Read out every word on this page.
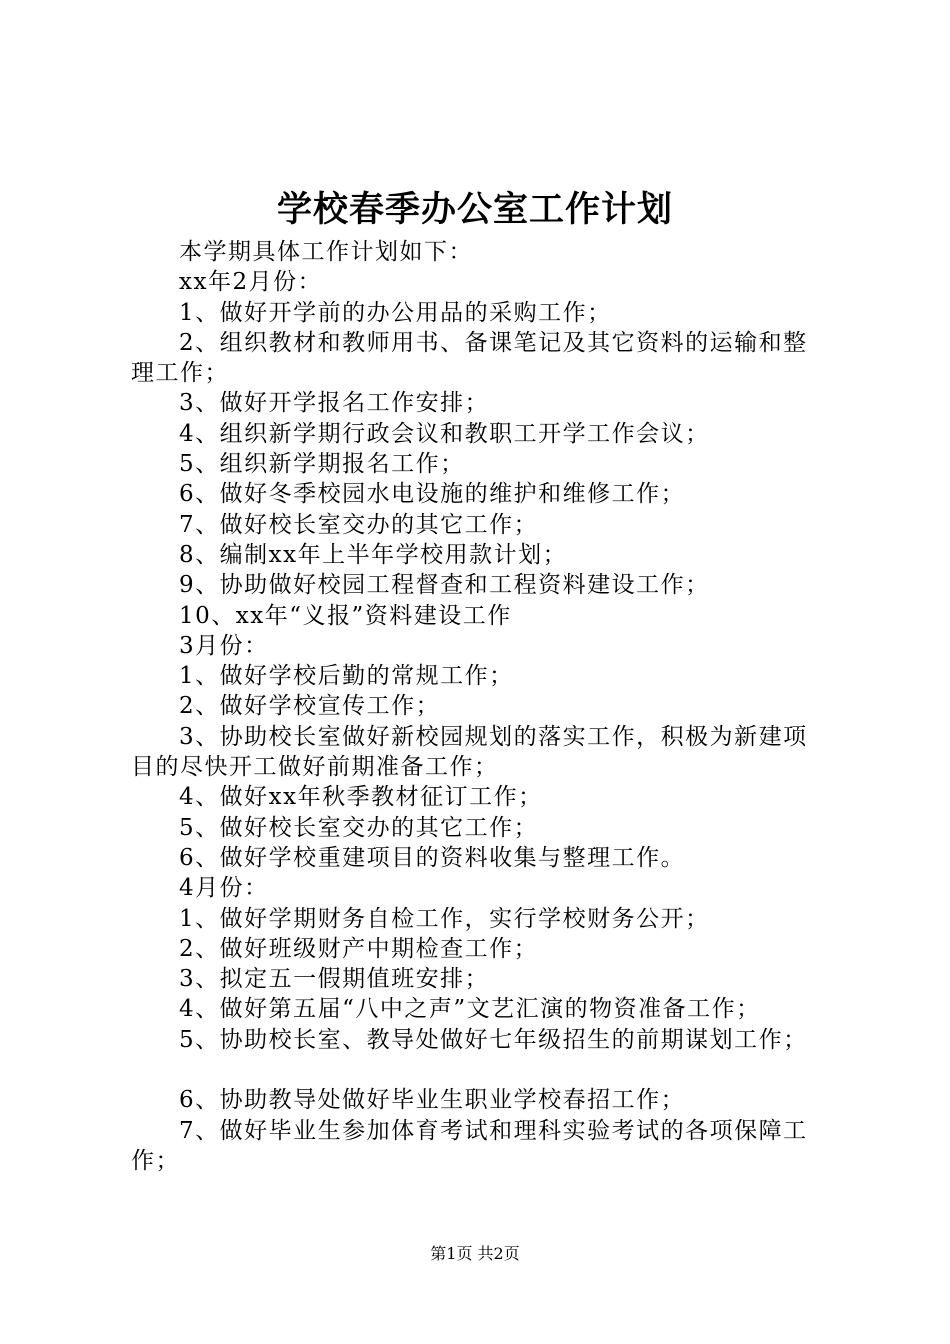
学校春季办公室工作计划
本学期具体工作计划如下：
xx年2月份：
1、做好开学前的办公用品的采购工作；
2、组织教材和教师用书、备课笔记及其它资料的运输和整
理工作；
3、做好开学报名工作安排；
4、组织新学期行政会议和教职工开学工作会议；
5、组织新学期报名工作；
6、做好冬季校园水电设施的维护和维修工作；
7、做好校长室交办的其它工作；
8、编制xx年上半年学校用款计划；
9、协助做好校园工程督查和工程资料建设工作；
10、xx年“义报”资料建设工作
3月份：
1、做好学校后勤的常规工作；
2、做好学校宣传工作；
3、协助校长室做好新校园规划的落实工作，积极为新建项
目的尽快开工做好前期准备工作；
4、做好xx年秋季教材征订工作；
5、做好校长室交办的其它工作；
6、做好学校重建项目的资料收集与整理工作。
4月份：
1、做好学期财务自检工作，实行学校财务公开；
2、做好班级财产中期检查工作；
3、拟定五一假期值班安排；
4、做好第五届“八中之声”文艺汇演的物资准备工作；
5、协助校长室、教导处做好七年级招生的前期谋划工作；
6、协助教导处做好毕业生职业学校春招工作；
7、做好毕业生参加体育考试和理科实验考试的各项保障工
作；
第1页 共2页
